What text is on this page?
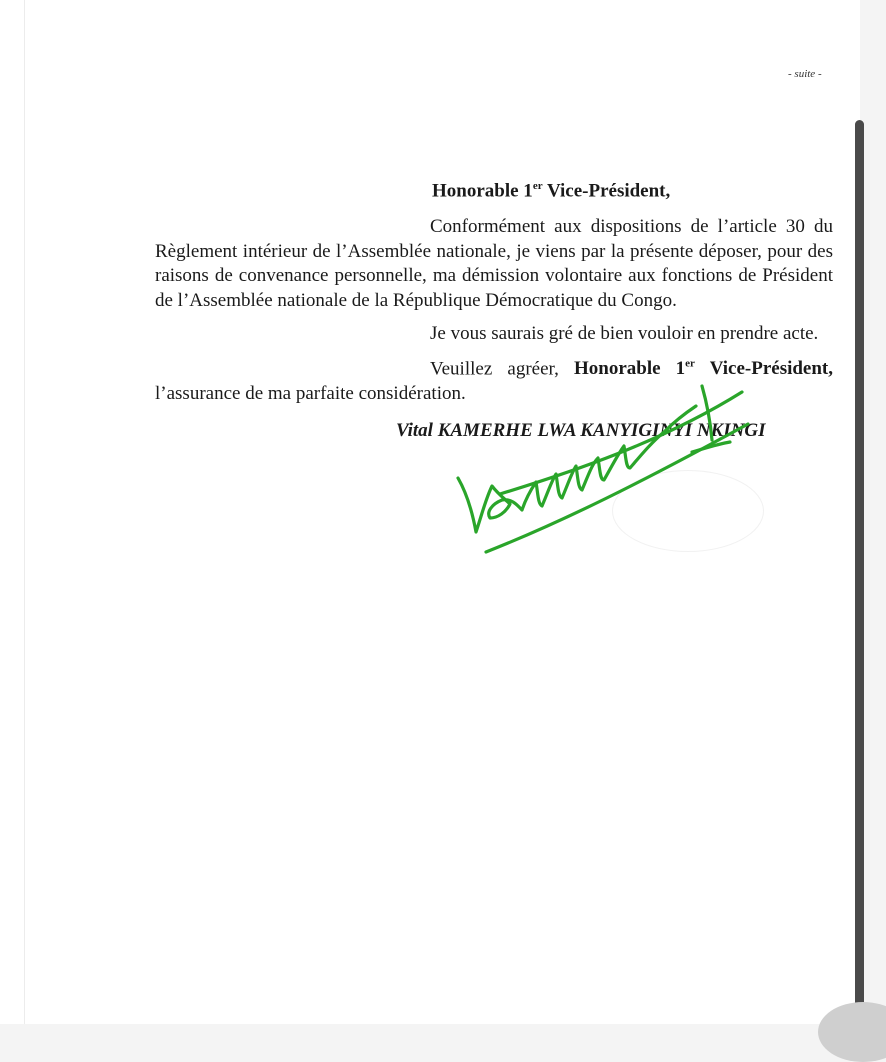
- suite -
Honorable 1er Vice-Président,

Conformément aux dispositions de l’article 30 du Règlement intérieur de l’Assemblée nationale, je viens par la présente déposer, pour des raisons de convenance personnelle, ma démission volontaire aux fonctions de Président de l’Assemblée nationale de la République Démocratique du Congo.

Je vous saurais gré de bien vouloir en prendre acte.

Veuillez agréer, Honorable 1er Vice-Président, l’assurance de ma parfaite considération.

Vital KAMERHE LWA KANYIGINYI NKINGI
